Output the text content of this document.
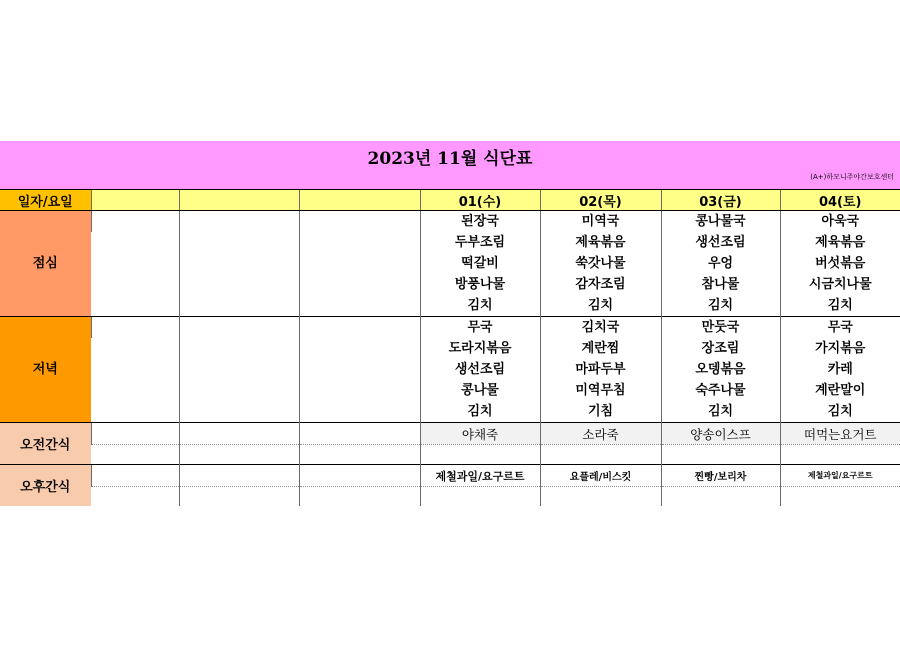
2023년 11월 식단표
(A+)하모니주야간보호센터
일자/요일				01(수)	02(목)	03(금)	04(토)
점심				된장국	미역국	콩나물국	아욱국
				두부조림	제육볶음	생선조림	제육볶음
				떡갈비	쑥갓나물	우엉	버섯볶음
				방풍나물	감자조림	참나물	시금치나물
				김치	김치	김치	김치
저녁				무국	김치국	만둣국	무국
				도라지볶음	계란찜	장조림	가지볶음
				생선조림	마파두부	오뎅볶음	카레
				콩나물	미역무침	숙주나물	계란말이
				김치	기침	김치	김치
오전간식				야채죽	소라죽	양송이스프	떠먹는요거트

오후간식				제철과일/요구르트	요플레/비스킷	찐빵/보리차	제철과일/요구르트
